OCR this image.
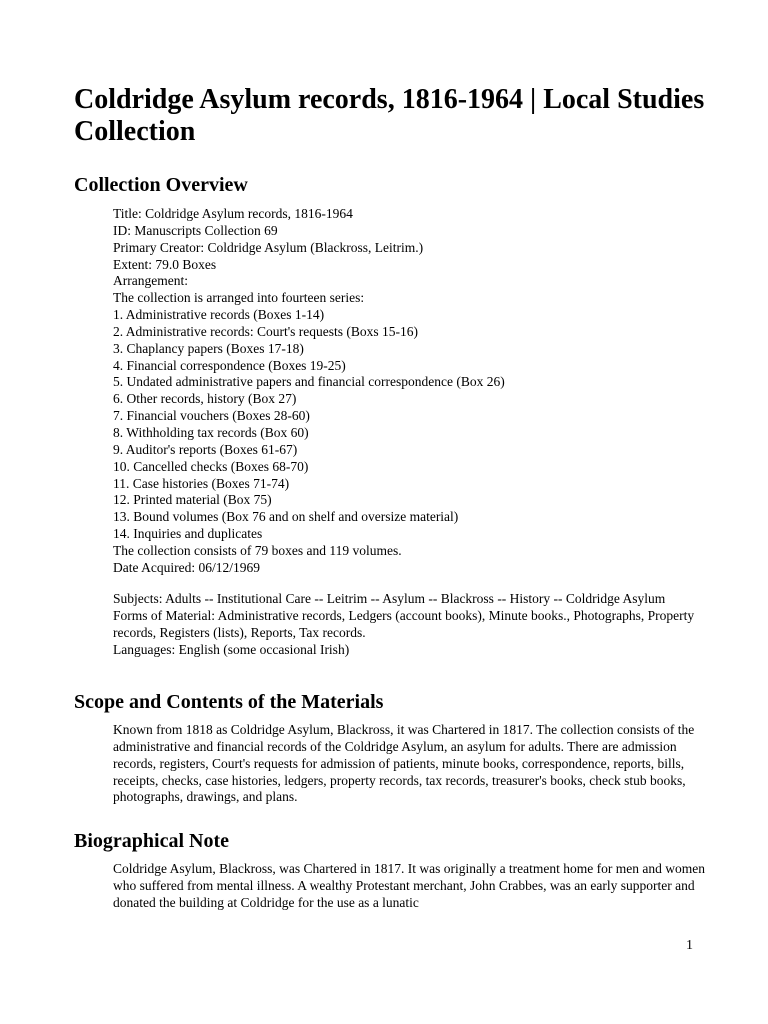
Coldridge Asylum records, 1816-1964 | Local Studies Collection
Collection Overview
Title: Coldridge Asylum records, 1816-1964
ID: Manuscripts Collection 69
Primary Creator: Coldridge Asylum (Blackross, Leitrim.)
Extent: 79.0 Boxes
Arrangement:
The collection is arranged into fourteen series:
1. Administrative records (Boxes 1-14)
2. Administrative records: Court's requests (Boxs 15-16)
3. Chaplancy papers (Boxes 17-18)
4. Financial correspondence (Boxes 19-25)
5. Undated administrative papers and financial correspondence (Box 26)
6. Other records, history (Box 27)
7. Financial vouchers (Boxes 28-60)
8. Withholding tax records (Box 60)
9. Auditor's reports (Boxes 61-67)
10. Cancelled checks (Boxes 68-70)
11. Case histories (Boxes 71-74)
12. Printed material (Box 75)
13. Bound volumes (Box 76 and on shelf and oversize material)
14. Inquiries and duplicates
The collection consists of 79 boxes and 119 volumes.
Date Acquired: 06/12/1969

Subjects: Adults -- Institutional Care -- Leitrim -- Asylum -- Blackross -- History -- Coldridge Asylum

Forms of Material: Administrative records, Ledgers (account books), Minute books., Photographs, Property records, Registers (lists), Reports, Tax records.

Languages: English (some occasional Irish)

Scope and Contents of the Materials

Known from 1818 as Coldridge Asylum, Blackross, it was Chartered in 1817. The collection consists of the administrative and financial records of the Coldridge Asylum, an asylum for adults. There are admission records, registers, Court's requests for admission of patients, minute books, correspondence, reports, bills, receipts, checks, case histories, ledgers, property records, tax records, treasurer's books, check stub books, photographs, drawings, and plans.

Biographical Note

Coldridge Asylum, Blackross, was Chartered in 1817. It was originally a treatment home for men and women who suffered from mental illness. A wealthy Protestant merchant, John Crabbes, was an early supporter and donated the building at Coldridge for the use as a lunatic

1
